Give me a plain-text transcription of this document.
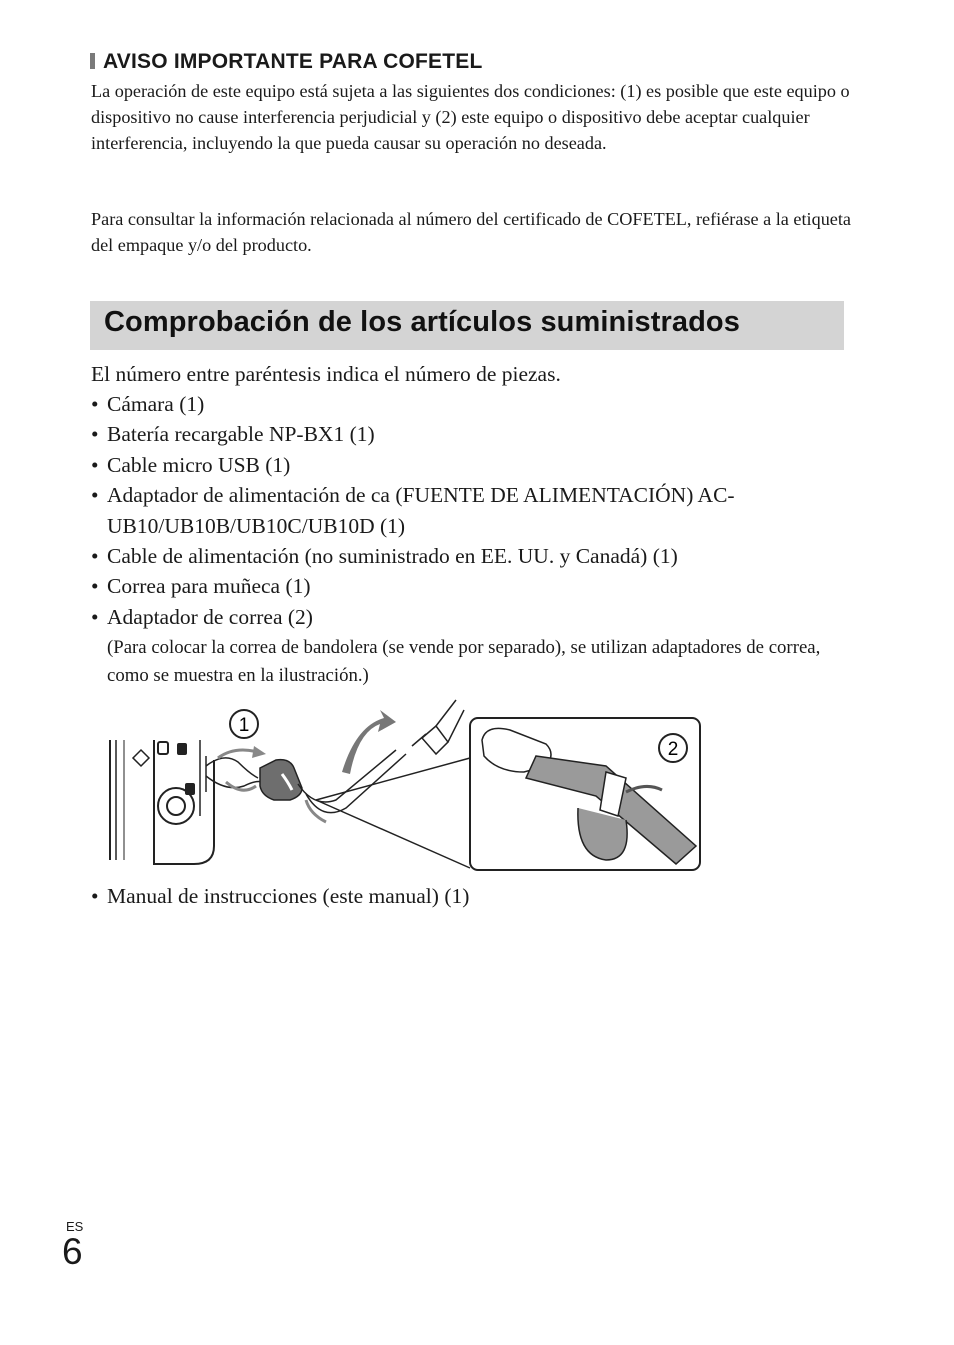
AVISO IMPORTANTE PARA COFETEL
La operación de este equipo está sujeta a las siguientes dos condiciones: (1) es posible que este equipo o dispositivo no cause interferencia perjudicial y (2) este equipo o dispositivo debe aceptar cualquier interferencia, incluyendo la que pueda causar su operación no deseada.
Para consultar la información relacionada al número del certificado de COFETEL, refiérase a la etiqueta del empaque y/o del producto.
Comprobación de los artículos suministrados
El número entre paréntesis indica el número de piezas.
• Cámara (1)
• Batería recargable NP-BX1 (1)
• Cable micro USB (1)
• Adaptador de alimentación de ca (FUENTE DE ALIMENTACIÓN) AC-UB10/UB10B/UB10C/UB10D (1)
• Cable de alimentación (no suministrado en EE. UU. y Canadá) (1)
• Correa para muñeca (1)
• Adaptador de correa (2)
(Para colocar la correa de bandolera (se vende por separado), se utilizan adaptadores de correa, como se muestra en la ilustración.)
1
2
• Manual de instrucciones (este manual) (1)
ES
6
